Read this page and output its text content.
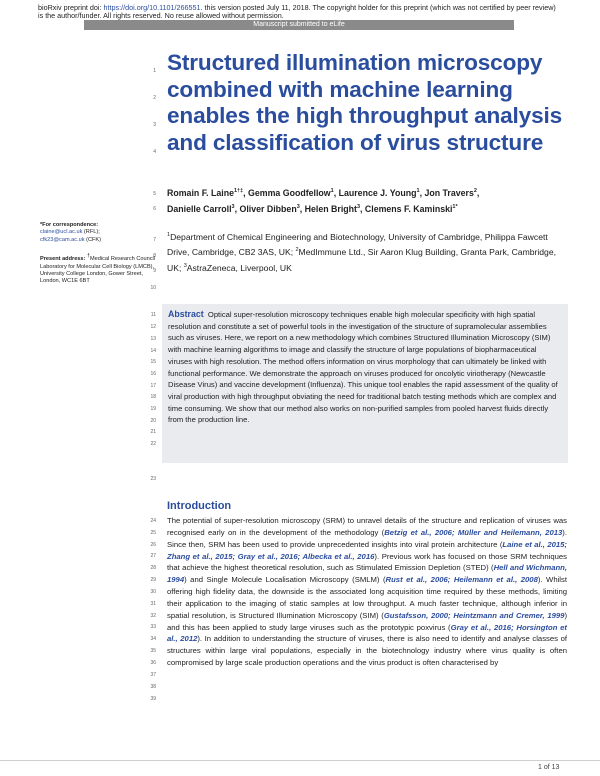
bioRxiv preprint doi: https://doi.org/10.1101/266551. this version posted July 11, 2018. The copyright holder for this preprint (which was not certified by peer review) is the author/funder. All rights reserved. No reuse allowed without permission.
Manuscript submitted to eLife
1
2
3
4
5
6
7
8
9
10
11
12
13
14
15
16
17
18
19
20
21
22
23
24
25
26
27
28
29
30
31
32
33
34
35
36
37
38
39
Structured illumination microscopy combined with machine learning enables the high throughput analysis and classification of virus structure
Romain F. Laine$^{1\dagger\ddagger}$, Gemma Goodfellow$^1$, Laurence J. Young$^1$, Jon Travers$^2$,
Danielle Carroll$^3$, Oliver Dibben$^3$, Helen Bright$^3$, Clemens F. Kaminski$^{1*}$
$^1$Department of Chemical Engineering and Biotechnology, University of Cambridge, Philippa Fawcett Drive, Cambridge, CB2 3AS, UK; $^2$MedImmune Ltd., Sir Aaron Klug Building, Granta Park, Cambridge, UK; $^3$AstraZeneca, Liverpool, UK
*For correspondence:
claine@ucl.ac.uk (RFL);
cfk23@cam.ac.uk (CFK)
Present address: †Medical Research Council Laboratory for Molecular Cell Biology (LMCB), University College London, Gower Street, London, WC1E 6BT
Abstract Optical super-resolution microscopy techniques enable high molecular specificity with high spatial resolution and constitute a set of powerful tools in the investigation of the structure of supramolecular assemblies such as viruses. Here, we report on a new methodology which combines Structured Illumination Microscopy (SIM) with machine learning algorithms to image and classify the structure of large populations of biopharmaceutical viruses with high resolution. The method offers information on virus morphology that can ultimately be linked with functional performance. We demonstrate the approach on viruses produced for oncolytic viriotherapy (Newcastle Disease Virus) and vaccine development (Influenza). This unique tool enables the rapid assessment of the quality of viral production with high throughput obviating the need for traditional batch testing methods which are complex and time consuming. We show that our method also works on non-purified samples from pooled harvest fluids directly from the production line.
Introduction
The potential of super-resolution microscopy (SRM) to unravel details of the structure and replication of viruses was recognised early on in the development of the methodology (Betzig et al., 2006; Müller and Heilemann, 2013). Since then, SRM has been used to provide unprecedented insights into viral protein architecture (Laine et al., 2015; Zhang et al., 2015; Gray et al., 2016; Albecka et al., 2016). Previous work has focused on those SRM techniques that achieve the highest theoretical resolution, such as Stimulated Emission Depletion (STED) (Hell and Wichmann, 1994) and Single Molecule Localisation Microscopy (SMLM) (Rust et al., 2006; Heilemann et al., 2008). Whilst offering high fidelity data, the downside is the associated long acquisition time required by these methods, limiting their application to the imaging of static samples at low throughput. A much faster technique, although inferior in spatial resolution, is Structured Illumination Microscopy (SIM) (Gustafsson, 2000; Heintzmann and Cremer, 1999) and this has been applied to study large viruses such as the prototypic poxvirus (Gray et al., 2016; Horsington et al., 2012). In addition to understanding the structure of viruses, there is also need to identify and analyse classes of structures within large viral populations, especially in the biotechnology industry where virus quality is often compromised by large scale production operations and the virus product is often characterised by
1 of 13
